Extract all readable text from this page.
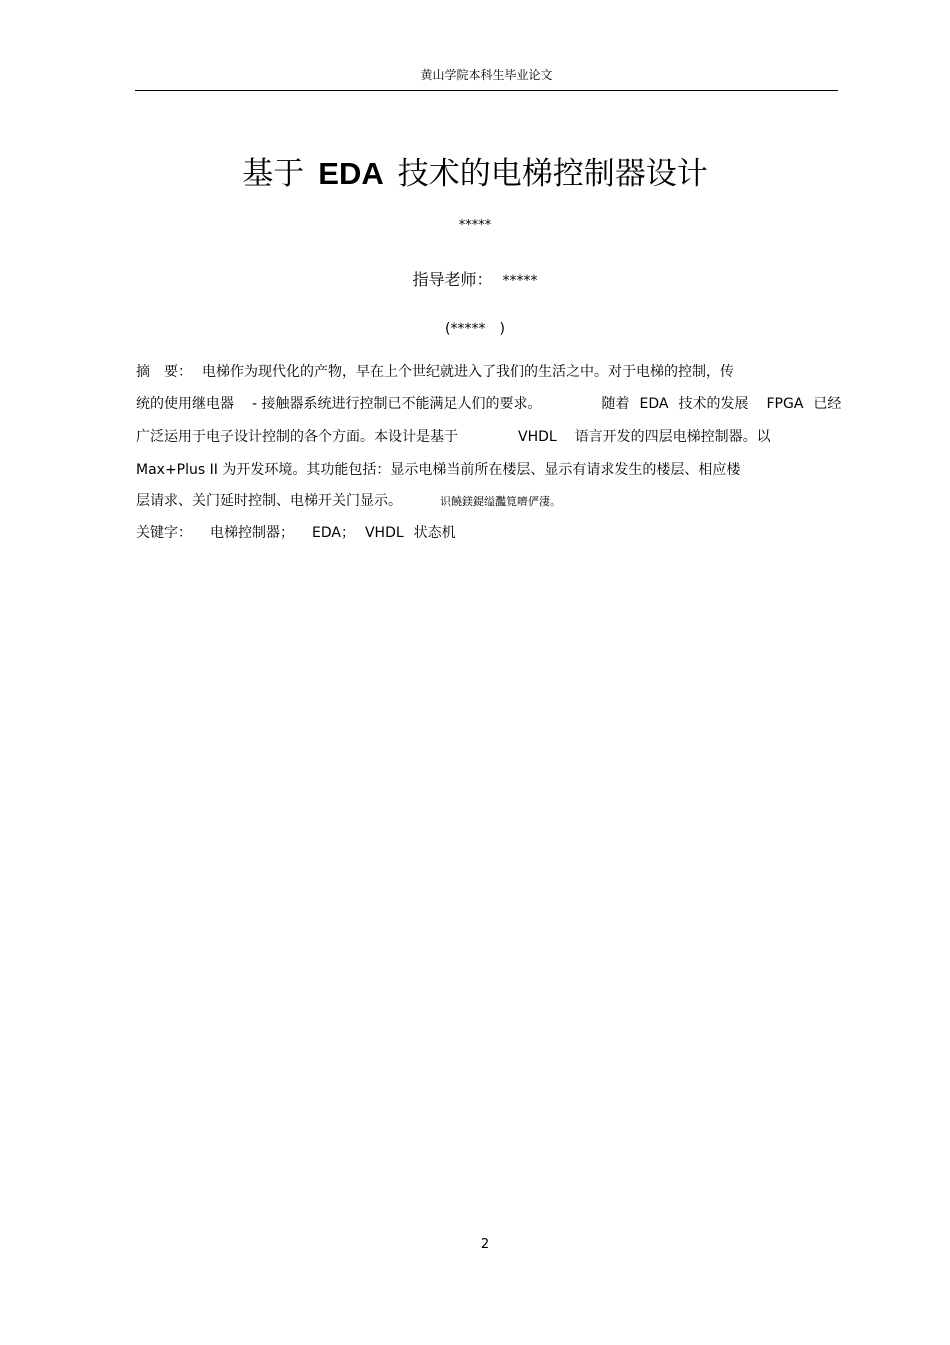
黄山学院本科生毕业论文
基于 EDA 技术的电梯控制器设计
*****
指导老师： *****
(*****　)
摘　要： 电梯作为现代化的产物，早在上个世纪就进入了我们的生活之中。对于电梯的控制，传
统的使用继电器 - 接触器系统进行控制已不能满足人们的要求。	随着 EDA 技术的发展 FPGA 已经
广泛运用于电子设计控制的各个方面。本设计是基于	VHDL 语言开发的四层电梯控制器。以
Max+Plus II 为开发环境。其功能包括：显示电梯当前所在楼层、显示有请求发生的楼层、相应楼
层请求、关门延时控制、电梯开关门显示。	识饒鎂鍉缢灩筧嚌俨淒。
关键字： 电梯控制器； EDA； VHDL 状态机
2
